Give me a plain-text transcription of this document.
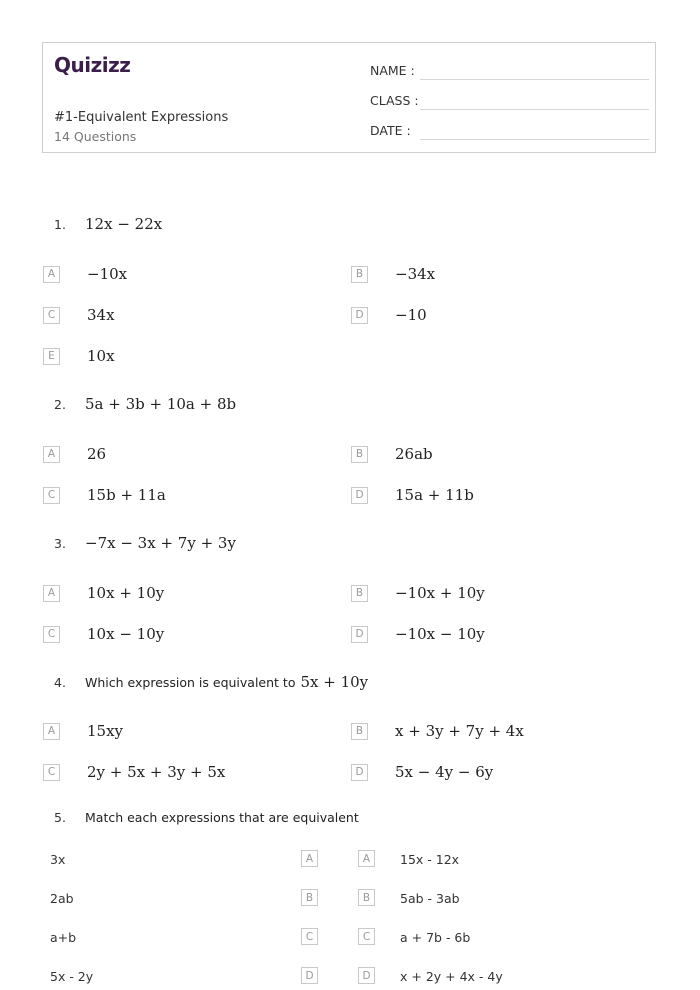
Quizizz
#1-Equivalent Expressions
14 Questions
NAME :
CLASS :
DATE :
1.	12x − 22x
A	−10x	B	−34x
C	34x	D −10
E	10x
2.	5a + 3b + 10a + 8b
A	26	B	26ab
C	15b + 11a	D 15a + 11b
3.	−7x − 3x + 7y + 3y
A	10x + 10y	B	−10x + 10y
C	10x − 10y	D −10x − 10y
4.	Which expression is equivalent to 5x + 10y
A	15xy	B	x + 3y + 7y + 4x
C	2y + 5x + 3y + 5x	D 5x − 4y − 6y
5.	Match each expressions that are equivalent
3x	A	A	15x - 12x
2ab	B	B	5ab - 3ab
a+b	C	C	a + 7b - 6b
5x - 2y	D	D	x + 2y + 4x - 4y
